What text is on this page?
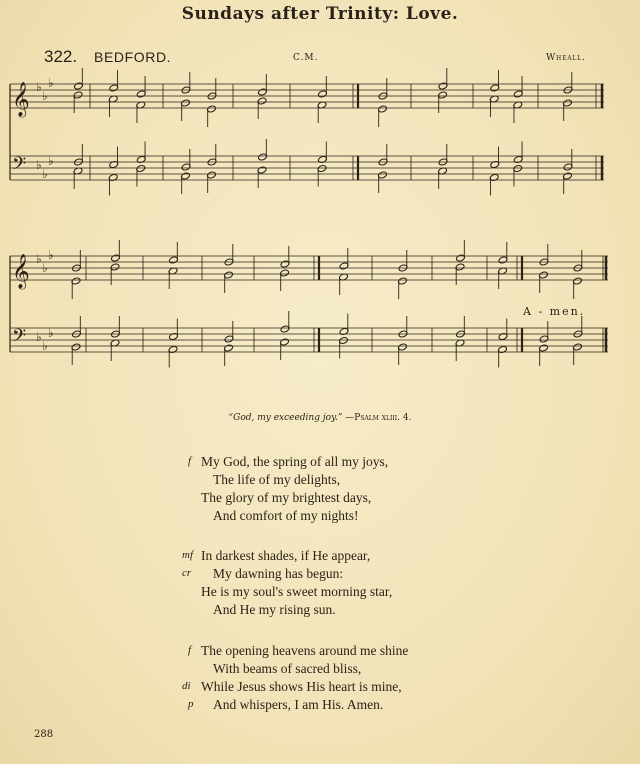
Sundays after Trinity: Love.
322. BEDFORD.	C.M.	Wheall.
𝄞
𝄢
♭
♭
♭
♭
♭
♭
𝄞
𝄢
♭
♭
♭
♭
♭
♭
A - men.
“God, my exceeding joy.” —Psalm xliii. 4.
f My God, the spring of all my joys,
The life of my delights,
The glory of my brightest days,
And comfort of my nights!
mf In darkest shades, if He appear,
cr My dawning has begun:
He is my soul's sweet morning star,
And He my rising sun.
f The opening heavens around me shine
With beams of sacred bliss,
di While Jesus shows His heart is mine,
p And whispers, I am His. Amen.
288
